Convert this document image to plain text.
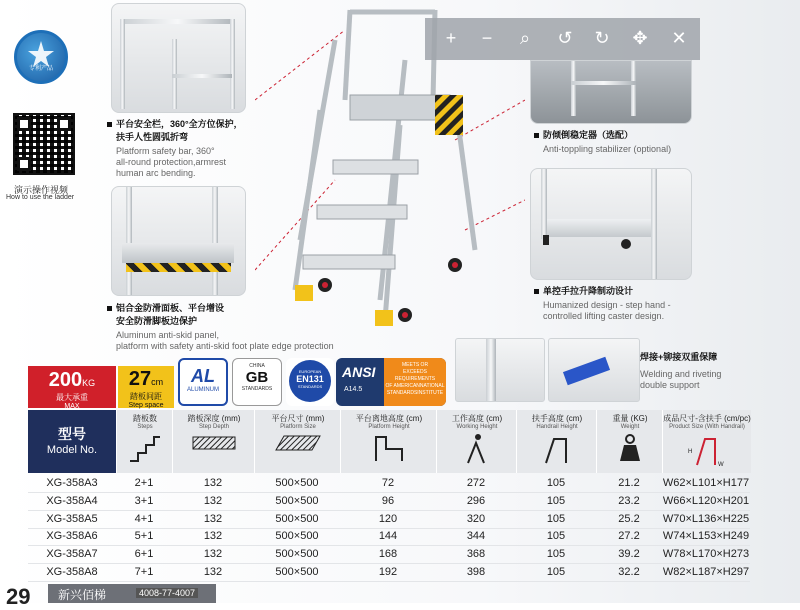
专利产品
演示操作视频
How to use the ladder
平台安全栏，360°全方位保护，
扶手人性圆弧折弯
Platform safety bar, 360°
all-round protection,armrest
human arc bending.
铝合金防滑面板、平台增设
安全防滑脚板边保护
Aluminum anti-skid panel,
platform with safety anti-skid foot plate edge protection
+	−	⌕	↺ ↻ ✥ ✕
防倾倒稳定器（选配）
Anti-toppling stabilizer (optional)
单控手拉升降制动设计
Humanized design - step hand -
controlled lifting caster design.
焊接+铆接双重保障
Welding and riveting
double support
200KG
最大承重
MAX
27cm
踏板间距
Step space
AL
ALUMINUM
CHINA
GB
STANDARDS
EUROPEAN
EN131
STANDARDS
ANSI
A14.5
MEETS OR
EXCEEDS
REQUIREMENTS
OF AMERICANNATIONAL
STANDARDSINSTITUTE
型号
Model No.
踏板数
Steps
踏板深度 (mm)
Step Depth
平台尺寸 (mm)
Platform Size
平台离地高度 (cm)
Platform Height
工作高度 (cm)
Working Height
扶手高度 (cm)
Handrail Height
重量 (KG)
Weight
成品尺寸-含扶手 (cm/pc)
Product Size (With Handrail)
H
W
XG-358A3	2+1	132	500×500	72	272	105	21.2	W62×L101×H177
XG-358A4	3+1	132	500×500	96	296	105	23.2	W66×L120×H201
XG-358A5	4+1	132	500×500	120	320	105	25.2	W70×L136×H225
XG-358A6	5+1	132	500×500	144	344	105	27.2	W74×L153×H249
XG-358A7	6+1	132	500×500	168	368	105	39.2	W78×L170×H273
XG-358A8	7+1	132	500×500	192	398	105	32.2	W82×L187×H297
29 新兴佰梯	4008-77-4007
